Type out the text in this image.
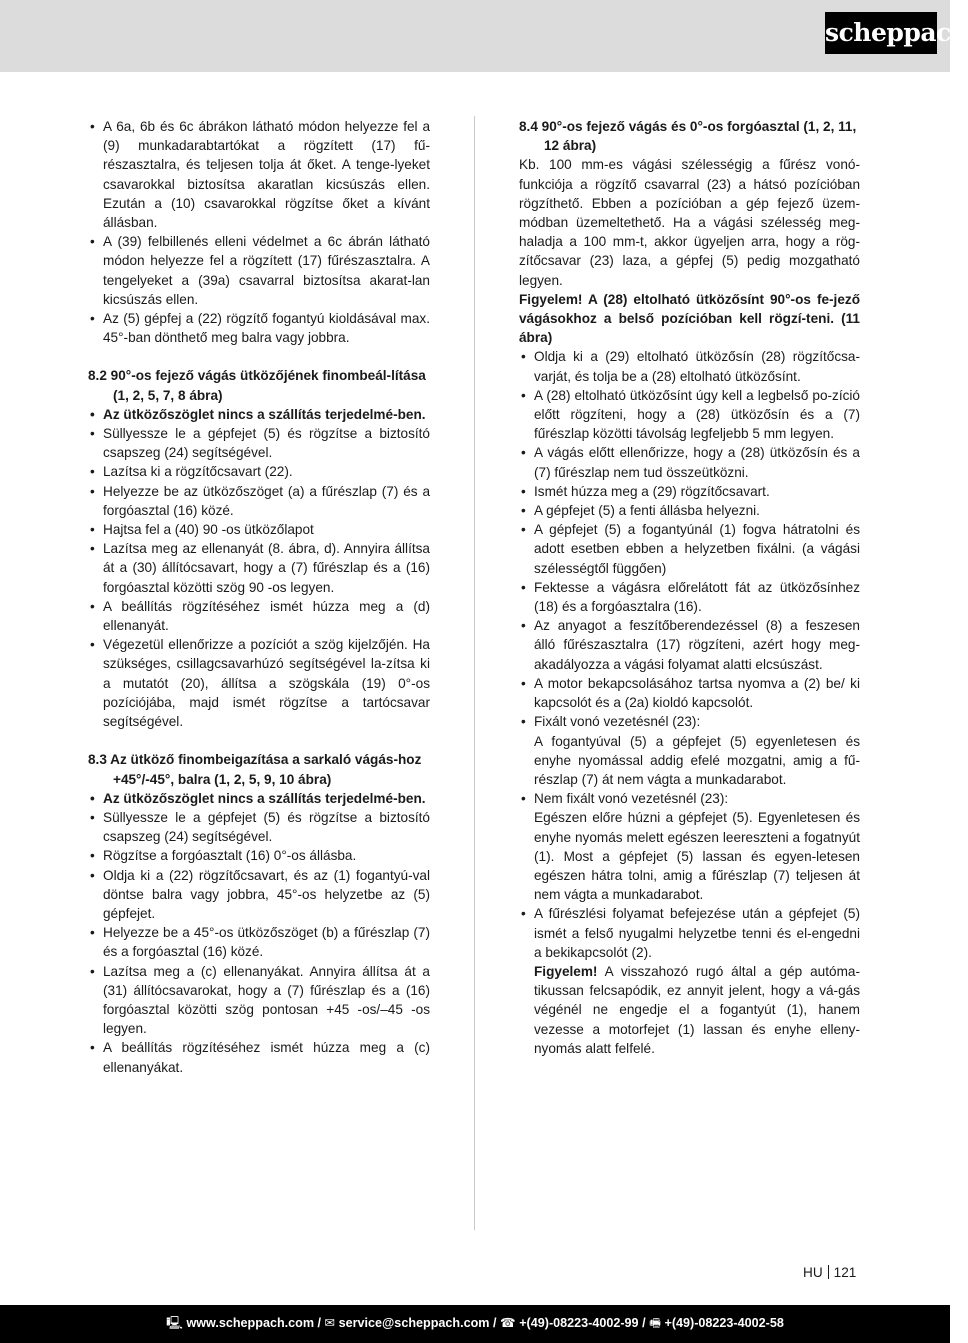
scheppach
• A 6a, 6b és 6c ábrákon látható módon helyezze fel a (9) munkadarabtartókat a rögzített (17) fű-részasztalra, és teljesen tolja át őket. A tenge-lyeket csavarokkal biztosítsa akaratlan kicsúszás ellen. Ezután a (10) csavarokkal rögzítse őket a kívánt állásban.
• A (39) felbillenés elleni védelmet a 6c ábrán látható módon helyezze fel a rögzített (17) fűrészasztalra. A tengelyeket a (39a) csavarral biztosítsa akarat-lan kicsúszás ellen.
• Az (5) gépfej a (22) rögzítő fogantyú kioldásával max. 45°-ban dönthető meg balra vagy jobbra.
8.2 90°-os fejező vágás ütközőjének finombeál-lítása (1, 2, 5, 7, 8 ábra)
• Az ütközőszöglet nincs a szállítás terjedelmé-ben.
• Süllyessze le a gépfejet (5) és rögzítse a biztosító csapszeg (24) segítségével.
• Lazítsa ki a rögzítőcsavart (22).
• Helyezze be az ütközőszöget (a) a fűrészlap (7) és a forgóasztal (16) közé.
• Hajtsa fel a (40) 90 -os ütközőlapot
• Lazítsa meg az ellenanyát (8. ábra, d). Annyira állítsa át a (30) állítócsavart, hogy a (7) fűrészlap és a (16) forgóasztal közötti szög 90 -os legyen.
• A beállítás rögzítéséhez ismét húzza meg a (d) ellenanyát.
• Végezetül ellenőrizze a pozíciót a szög kijelzőjén. Ha szükséges, csillagcsavarhúzó segítségével la-zítsa ki a mutatót (20), állítsa a szögskála (19) 0°-os pozíciójába, majd ismét rögzítse a tartócsavar segítségével.
8.3 Az ütköző finombeigazítása a sarkaló vágás-hoz +45°/-45°, balra (1, 2, 5, 9, 10 ábra)
• Az ütközőszöglet nincs a szállítás terjedelmé-ben.
• Süllyessze le a gépfejet (5) és rögzítse a biztosító csapszeg (24) segítségével.
• Rögzítse a forgóasztalt (16) 0°-os állásba.
• Oldja ki a (22) rögzítőcsavart, és az (1) fogantyú-val döntse balra vagy jobbra, 45°-os helyzetbe az (5) gépfejet.
• Helyezze be a 45°-os ütközőszöget (b) a fűrészlap (7) és a forgóasztal (16) közé.
• Lazítsa meg a (c) ellenanyákat. Annyira állítsa át a (31) állítócsavarokat, hogy a (7) fűrészlap és a (16) forgóasztal közötti szög pontosan +45 -os/–45 -os legyen.
• A beállítás rögzítéséhez ismét húzza meg a (c) ellenanyákat.
8.4 90°-os fejező vágás és 0°-os forgóasztal (1, 2, 11, 12 ábra)

Kb. 100 mm-es vágási szélességig a fűrész vonó-funkciója a rögzítő csavarral (23) a hátsó pozícióban rögzíthető. Ebben a pozícióban a gép fejező üzem-módban üzemeltethető. Ha a vágási szélesség meg-haladja a 100 mm-t, akkor ügyeljen arra, hogy a rög-zítőcsavar (23) laza, a gépfej (5) pedig mozgatható legyen.

Figyelem! A (28) eltolható ütközősínt 90°-os fe-jező vágásokhoz a belső pozícióban kell rögzí-teni. (11 ábra)

• Oldja ki a (29) eltolható ütközősín (28) rögzítőcsa-varját, és tolja be a (28) eltolható ütközősínt.
• A (28) eltolható ütközősínt úgy kell a legbelső po-zíció előtt rögzíteni, hogy a (28) ütközősín és a (7) fűrészlap közötti távolság legfeljebb 5 mm legyen.
• A vágás előtt ellenőrizze, hogy a (28) ütközősín és a (7) fűrészlap nem tud összeütközni.
• Ismét húzza meg a (29) rögzítőcsavart.
• A gépfejet (5) a fenti állásba helyezni.
• A gépfejet (5) a fogantyúnál (1) fogva hátratolni és adott esetben ebben a helyzetben fixálni. (a vágási szélességtől függően)
• Fektesse a vágásra előrelátott fát az ütközősínhez (18) és a forgóasztalra (16).
• Az anyagot a feszítőberendezéssel (8) a feszesen álló fűrészasztalra (17) rögzíteni, azért hogy meg-akadályozza a vágási folyamat alatti elcsúszást.
• A motor bekapcsolásához tartsa nyomva a (2) be/ ki kapcsolót és a (2a) kioldó kapcsolót.
• Fixált vonó vezetésnél (23):
A fogantyúval (5) a gépfejet (5) egyenletesen és enyhe nyomással addig efelé mozgatni, amig a fű-részlap (7) át nem vágta a munkadarabot.
• Nem fixált vonó vezetésnél (23):
Egészen előre húzni a gépfejet (5). Egyenletesen és enyhe nyomás melett egészen leereszteni a fogatnyút (1). Most a gépfejet (5) lassan és egyen-letesen egészen hátra tolni, amig a fűrészlap (7) teljesen át nem vágta a munkadarabot.
• A fűrészlési folyamat befejezése után a gépfejet (5) ismét a felső nyugalmi helyzetbe tenni és el-engedni a bekikapcsolót (2).
Figyelem! A visszahozó rugó által a gép autóma-tikussan felcsapódik, ez annyit jelent, hogy a vá-gás végénél ne engedje el a fogantyút (1), hanem vezesse a motorfejet (1) lassan és enyhe elleny-nyomás alatt felfelé.
HU 121
🖳 www.scheppach.com / ✉ service@scheppach.com / ☎ +(49)-08223-4002-99 / 🖷 +(49)-08223-4002-58
